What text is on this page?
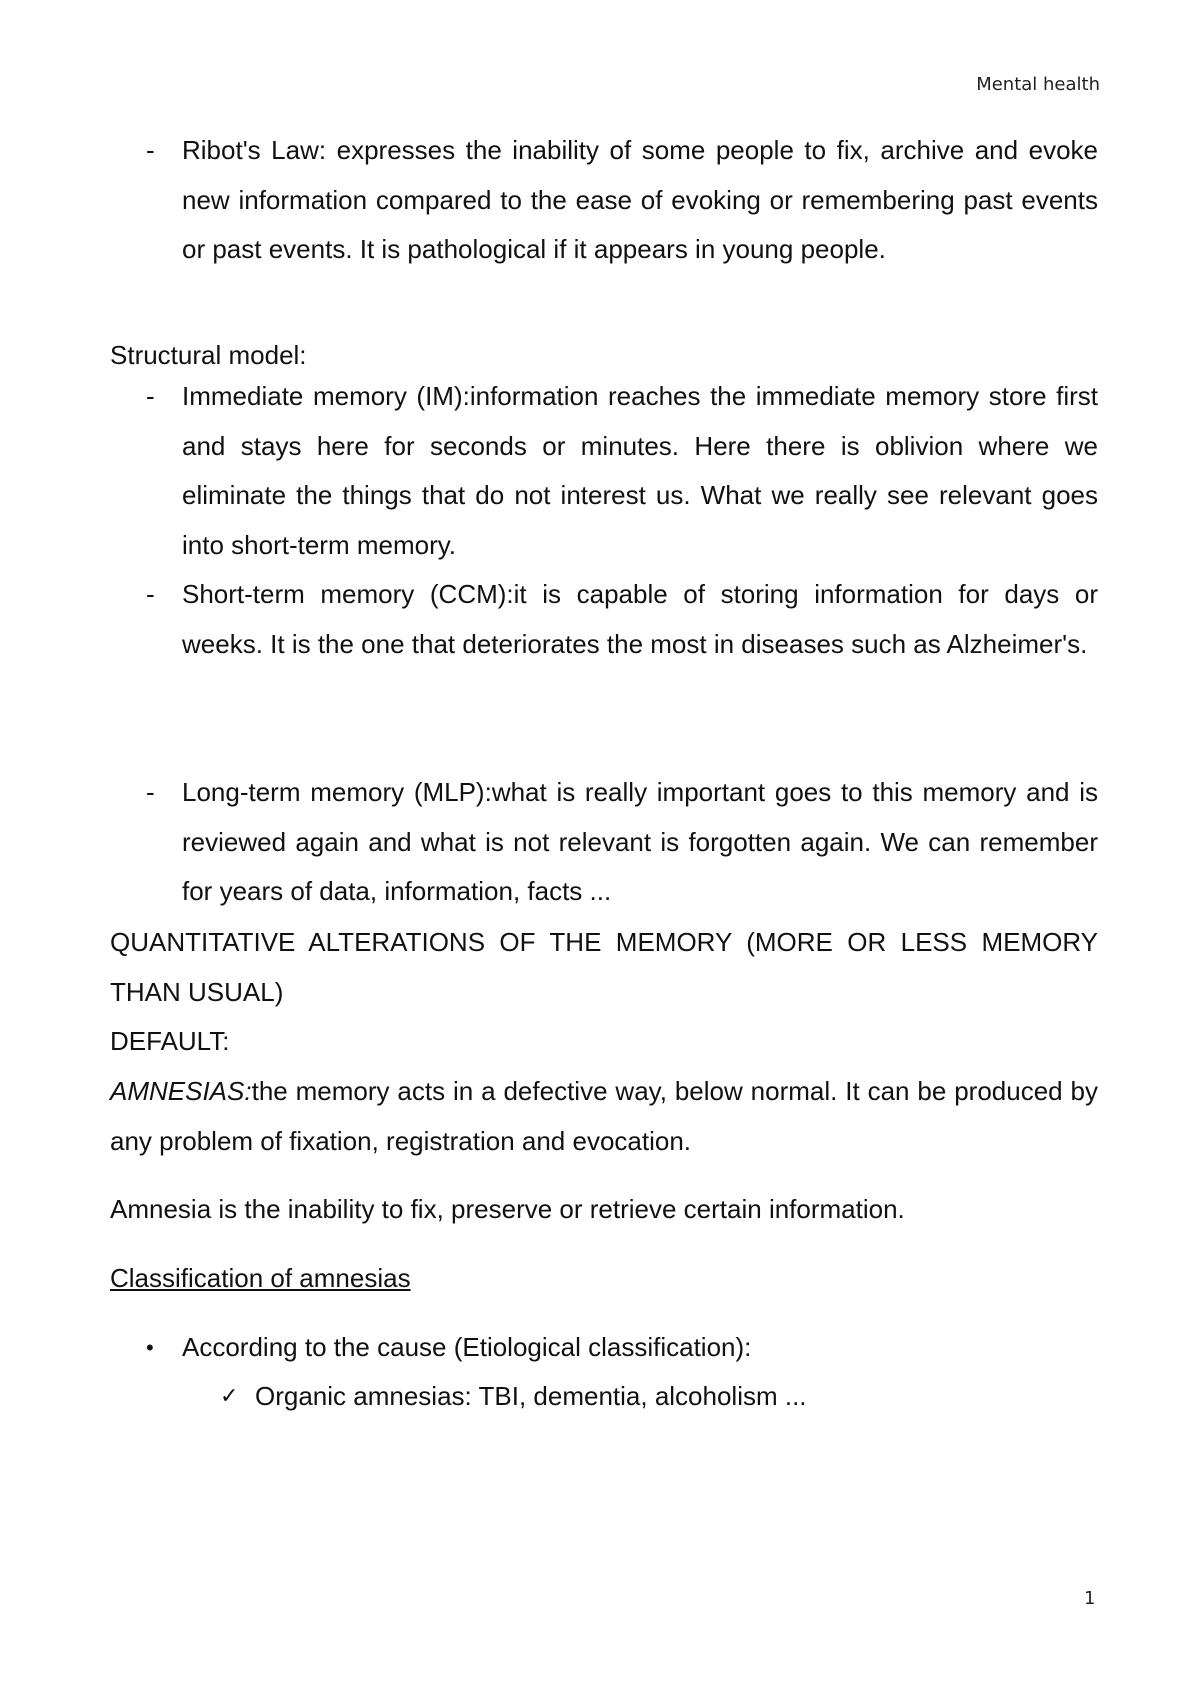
Mental health
- Ribot's Law: expresses the inability of some people to fix, archive and evoke new information compared to the ease of evoking or remembering past events or past events. It is pathological if it appears in young people.
Structural model:
- Immediate memory (IM):information reaches the immediate memory store first and stays here for seconds or minutes. Here there is oblivion where we eliminate the things that do not interest us. What we really see relevant goes into short-term memory.
- Short-term memory (CCM):it is capable of storing information for days or weeks. It is the one that deteriorates the most in diseases such as Alzheimer's.
- Long-term memory (MLP):what is really important goes to this memory and is reviewed again and what is not relevant is forgotten again. We can remember for years of data, information, facts ...
QUANTITATIVE ALTERATIONS OF THE MEMORY (MORE OR LESS MEMORY THAN USUAL)
DEFAULT:
AMNESIAS:the memory acts in a defective way, below normal. It can be produced by any problem of fixation, registration and evocation.
Amnesia is the inability to fix, preserve or retrieve certain information.
Classification of amnesias
• According to the cause (Etiological classification):
✓ Organic amnesias: TBI, dementia, alcoholism ...
1
